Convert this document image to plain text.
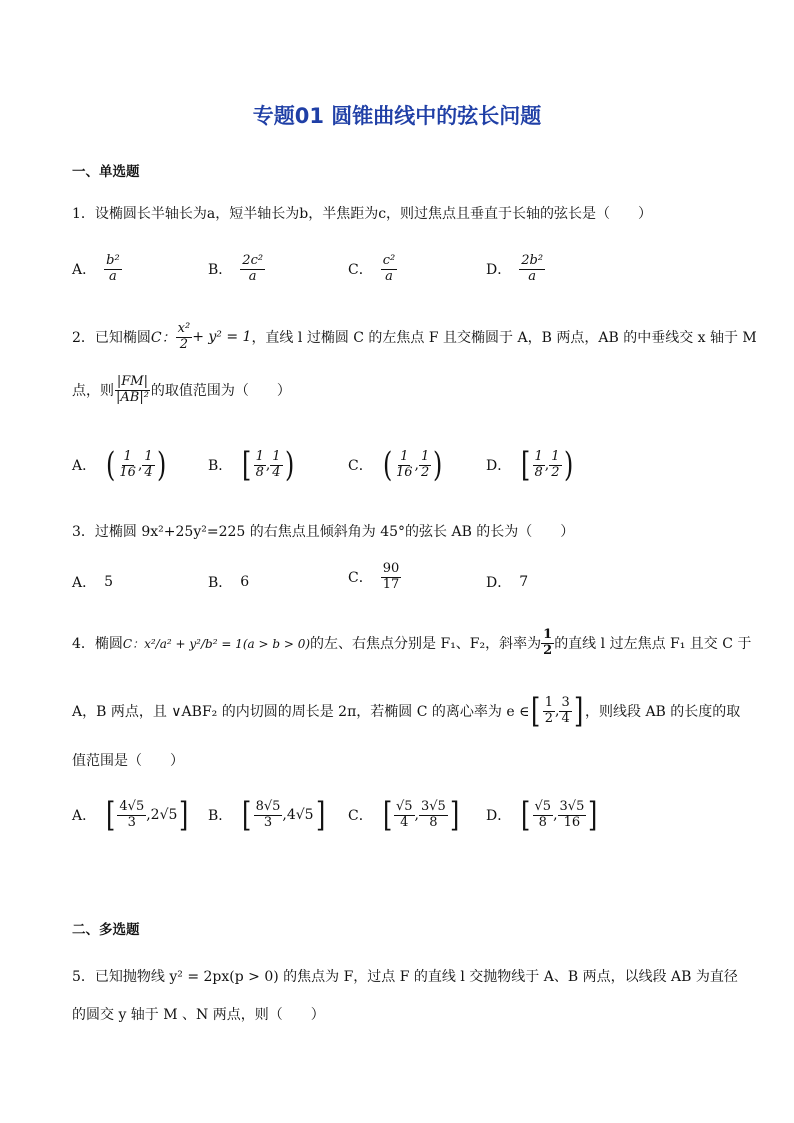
专题01 圆锥曲线中的弦长问题
一、单选题
1．设椭圆长半轴长为a，短半轴长为b，半焦距为c，则过焦点且垂直于长轴的弦长是（　　）
A． $\frac{\text{b²}}{a}$	B． $\frac{\text{2c²}}{a}$	C． $\frac{\text{c²}}{a}$	D． $\frac{\text{2b²}}{a}$
2．已知椭圆 C： $\frac{\text{x²}}{2} + y^2 = 1$ ，直线 l 过椭圆 C 的左焦点 F 且交椭圆于 A，B 两点，AB 的中垂线交 x 轴于 M
点，则 $\frac{|FM|}{\text{|AB|²}}$ 的取值范围为（　　）
A． ( $\frac{1}{16}$ , $\frac{1}{4}$ )	B． [ $\frac{1}{8}$ , $\frac{1}{4}$ )	C． ( $\frac{1}{16}$ , $\frac{1}{2}$ )	D． [ $\frac{1}{8}$ , $\frac{1}{2}$ )
3．过椭圆 9x²+25y²=225 的右焦点且倾斜角为 45°的弦长 AB 的长为（　　）
A． 5	B． 6	C． $\frac{90}{17}$	D． 7
4．椭圆 C：x²/a² + y²/b² = 1(a > b > 0) 的左、右焦点分别是 F₁、F₂，斜率为 $\frac{1}{2}$ 的直线 l 过左焦点 F₁ 且交 C 于
A，B 两点，且 ∨ABF₂ 的内切圆的周长是 2π，若椭圆 C 的离心率为 e ∈ [ $\frac{1}{2}$ , $\frac{3}{4}$ ] ，则线段 AB 的长度的取
值范围是（　　）
A． [ $\frac{4√5}{3}$ , 2√5 ] B． [ $\frac{8√5}{3}$ , 4√5 ] C． [ $\frac{√5}{4}$ , $\frac{3√5}{8}$ ] D． [ $\frac{√5}{8}$ , $\frac{3√5}{16}$ ]
二、多选题
5．已知抛物线 y² = 2px(p > 0) 的焦点为 F，过点 F 的直线 l 交抛物线于 A、B 两点，以线段 AB 为直径
的圆交 y 轴于 M 、N 两点，则（　　）
